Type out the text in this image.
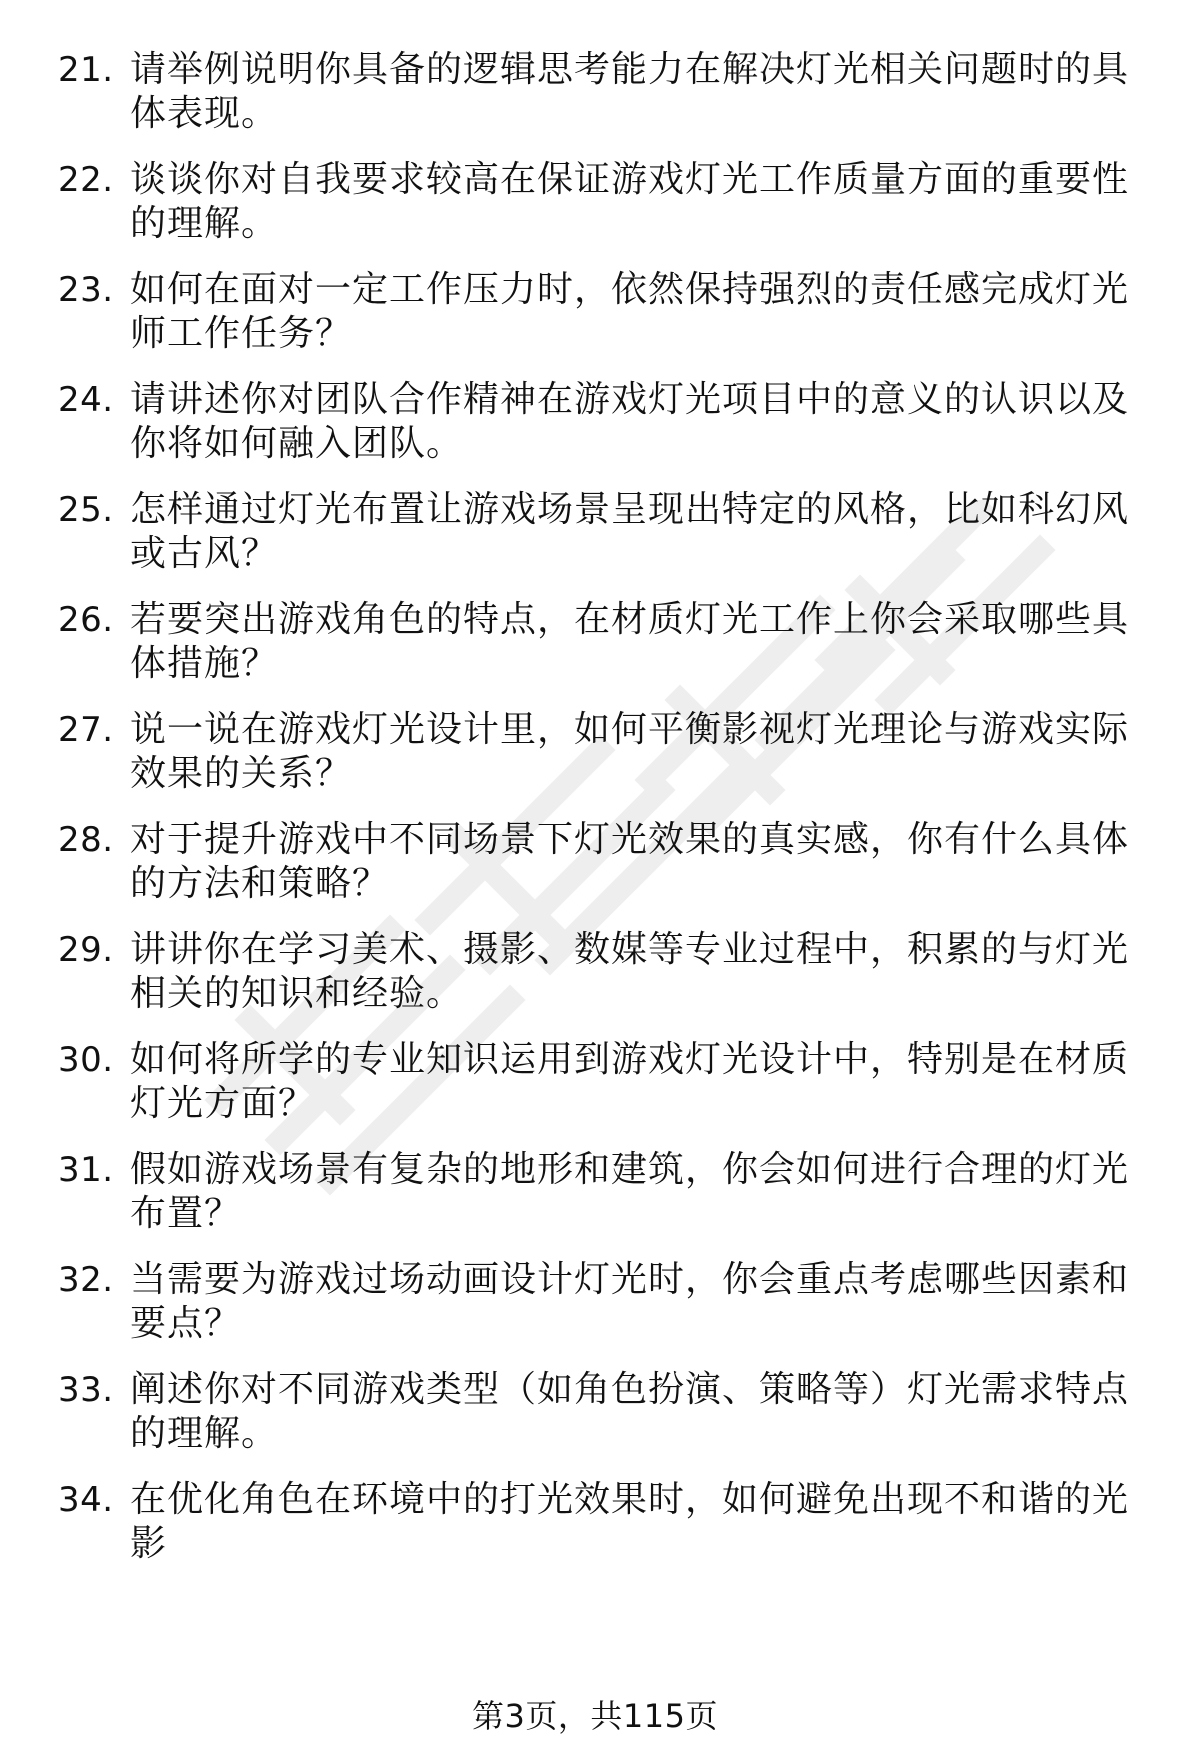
21. 请举例说明你具备的逻辑思考能力在解决灯光相关问题时的具体表现。
22. 谈谈你对自我要求较高在保证游戏灯光工作质量方面的重要性的理解。
23. 如何在面对一定工作压力时，依然保持强烈的责任感完成灯光师工作任务？
24. 请讲述你对团队合作精神在游戏灯光项目中的意义的认识以及你将如何融入团队。
25. 怎样通过灯光布置让游戏场景呈现出特定的风格，比如科幻风或古风？
26. 若要突出游戏角色的特点，在材质灯光工作上你会采取哪些具体措施？
27. 说一说在游戏灯光设计里，如何平衡影视灯光理论与游戏实际效果的关系？
28. 对于提升游戏中不同场景下灯光效果的真实感，你有什么具体的方法和策略？
29. 讲讲你在学习美术、摄影、数媒等专业过程中，积累的与灯光相关的知识和经验。
30. 如何将所学的专业知识运用到游戏灯光设计中，特别是在材质灯光方面？
31. 假如游戏场景有复杂的地形和建筑，你会如何进行合理的灯光布置？
32. 当需要为游戏过场动画设计灯光时，你会重点考虑哪些因素和要点？
33. 阐述你对不同游戏类型（如角色扮演、策略等）灯光需求特点的理解。
34. 在优化角色在环境中的打光效果时，如何避免出现不和谐的光影
第3页，共115页
